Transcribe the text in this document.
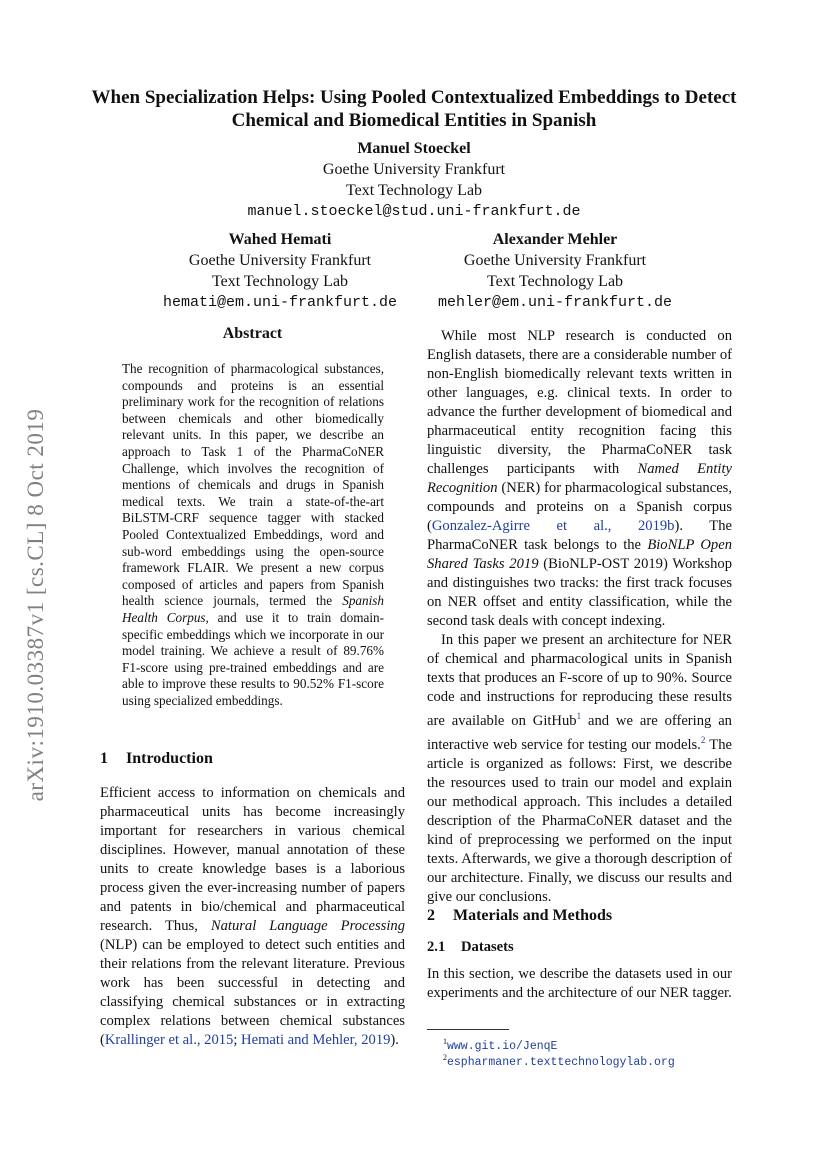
When Specialization Helps: Using Pooled Contextualized Embeddings to Detect Chemical and Biomedical Entities in Spanish
Manuel Stoeckel
Goethe University Frankfurt
Text Technology Lab
manuel.stoeckel@stud.uni-frankfurt.de
Wahed Hemati
Goethe University Frankfurt
Text Technology Lab
hemati@em.uni-frankfurt.de
Alexander Mehler
Goethe University Frankfurt
Text Technology Lab
mehler@em.uni-frankfurt.de
arXiv:1910.03387v1 [cs.CL] 8 Oct 2019
Abstract
The recognition of pharmacological substances, compounds and proteins is an essential preliminary work for the recognition of relations between chemicals and other biomedically relevant units. In this paper, we describe an approach to Task 1 of the PharmaCoNER Challenge, which involves the recognition of mentions of chemicals and drugs in Spanish medical texts. We train a state-of-the-art BiLSTM-CRF sequence tagger with stacked Pooled Contextualized Embeddings, word and sub-word embeddings using the open-source framework FLAIR. We present a new corpus composed of articles and papers from Spanish health science journals, termed the Spanish Health Corpus, and use it to train domain-specific embeddings which we incorporate in our model training. We achieve a result of 89.76% F1-score using pre-trained embeddings and are able to improve these results to 90.52% F1-score using specialized embeddings.
1 Introduction

Efficient access to information on chemicals and pharmaceutical units has become increasingly important for researchers in various chemical disciplines. However, manual annotation of these units to create knowledge bases is a laborious process given the ever-increasing number of papers and patents in bio/chemical and pharmaceutical research. Thus, Natural Language Processing (NLP) can be employed to detect such entities and their relations from the relevant literature. Previous work has been successful in detecting and classifying chemical substances or in extracting complex relations between chemical substances (Krallinger et al., 2015; Hemati and Mehler, 2019).

While most NLP research is conducted on English datasets, there are a considerable number of non-English biomedically relevant texts written in other languages, e.g. clinical texts. In order to advance the further development of biomedical and pharmaceutical entity recognition facing this linguistic diversity, the PharmaCoNER task challenges participants with Named Entity Recognition (NER) for pharmacological substances, compounds and proteins on a Spanish corpus (Gonzalez-Agirre et al., 2019b). The PharmaCoNER task belongs to the BioNLP Open Shared Tasks 2019 (BioNLP-OST 2019) Workshop and distinguishes two tracks: the first track focuses on NER offset and entity classification, while the second task deals with concept indexing.

In this paper we present an architecture for NER of chemical and pharmacological units in Spanish texts that produces an F-score of up to 90%. Source code and instructions for reproducing these results are available on GitHub$^1$ and we are offering an interactive web service for testing our models.$^2$ The article is organized as follows: First, we describe the resources used to train our model and explain our methodical approach. This includes a detailed description of the PharmaCoNER dataset and the kind of preprocessing we performed on the input texts. Afterwards, we give a thorough description of our architecture. Finally, we discuss our results and give our conclusions.

2 Materials and Methods
2.1 Datasets
In this section, we describe the datasets used in our experiments and the architecture of our NER tagger.
$^1$www.git.io/JenqE
$^2$espharmaner.texttechnologylab.org
